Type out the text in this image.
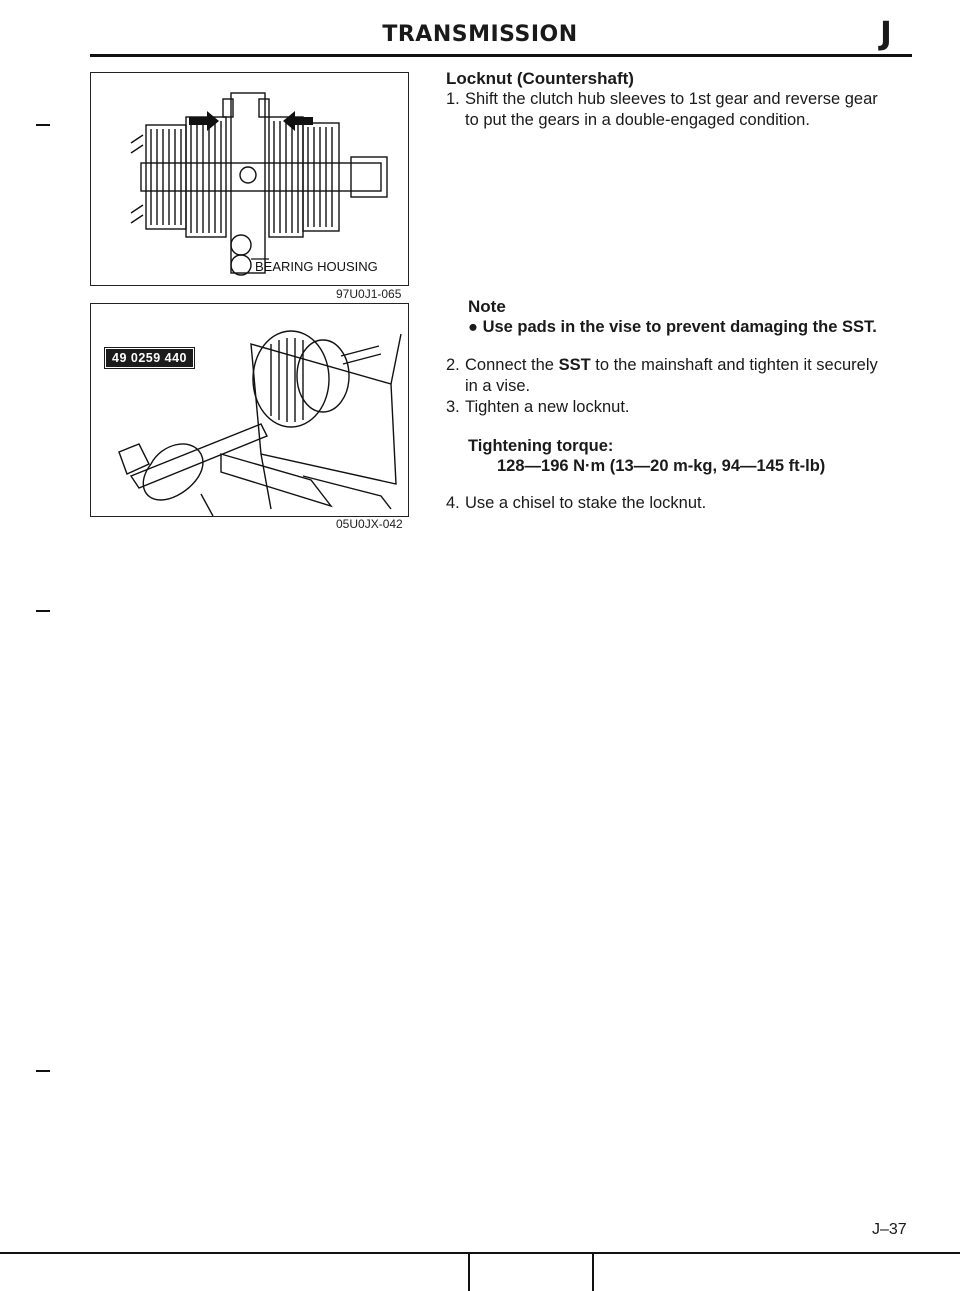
TRANSMISSION	J
BEARING HOUSING
97U0J1-065
49 0259 440
05U0JX-042
Locknut (Countershaft)
1. Shift the clutch hub sleeves to 1st gear and reverse gear
to put the gears in a double-engaged condition.
Note
● Use pads in the vise to prevent damaging the SST.
2. Connect the SST to the mainshaft and tighten it securely
in a vise.
3. Tighten a new locknut.
Tightening torque:
128—196 N·m (13—20 m-kg, 94—145 ft-lb)
4. Use a chisel to stake the locknut.
J–37
